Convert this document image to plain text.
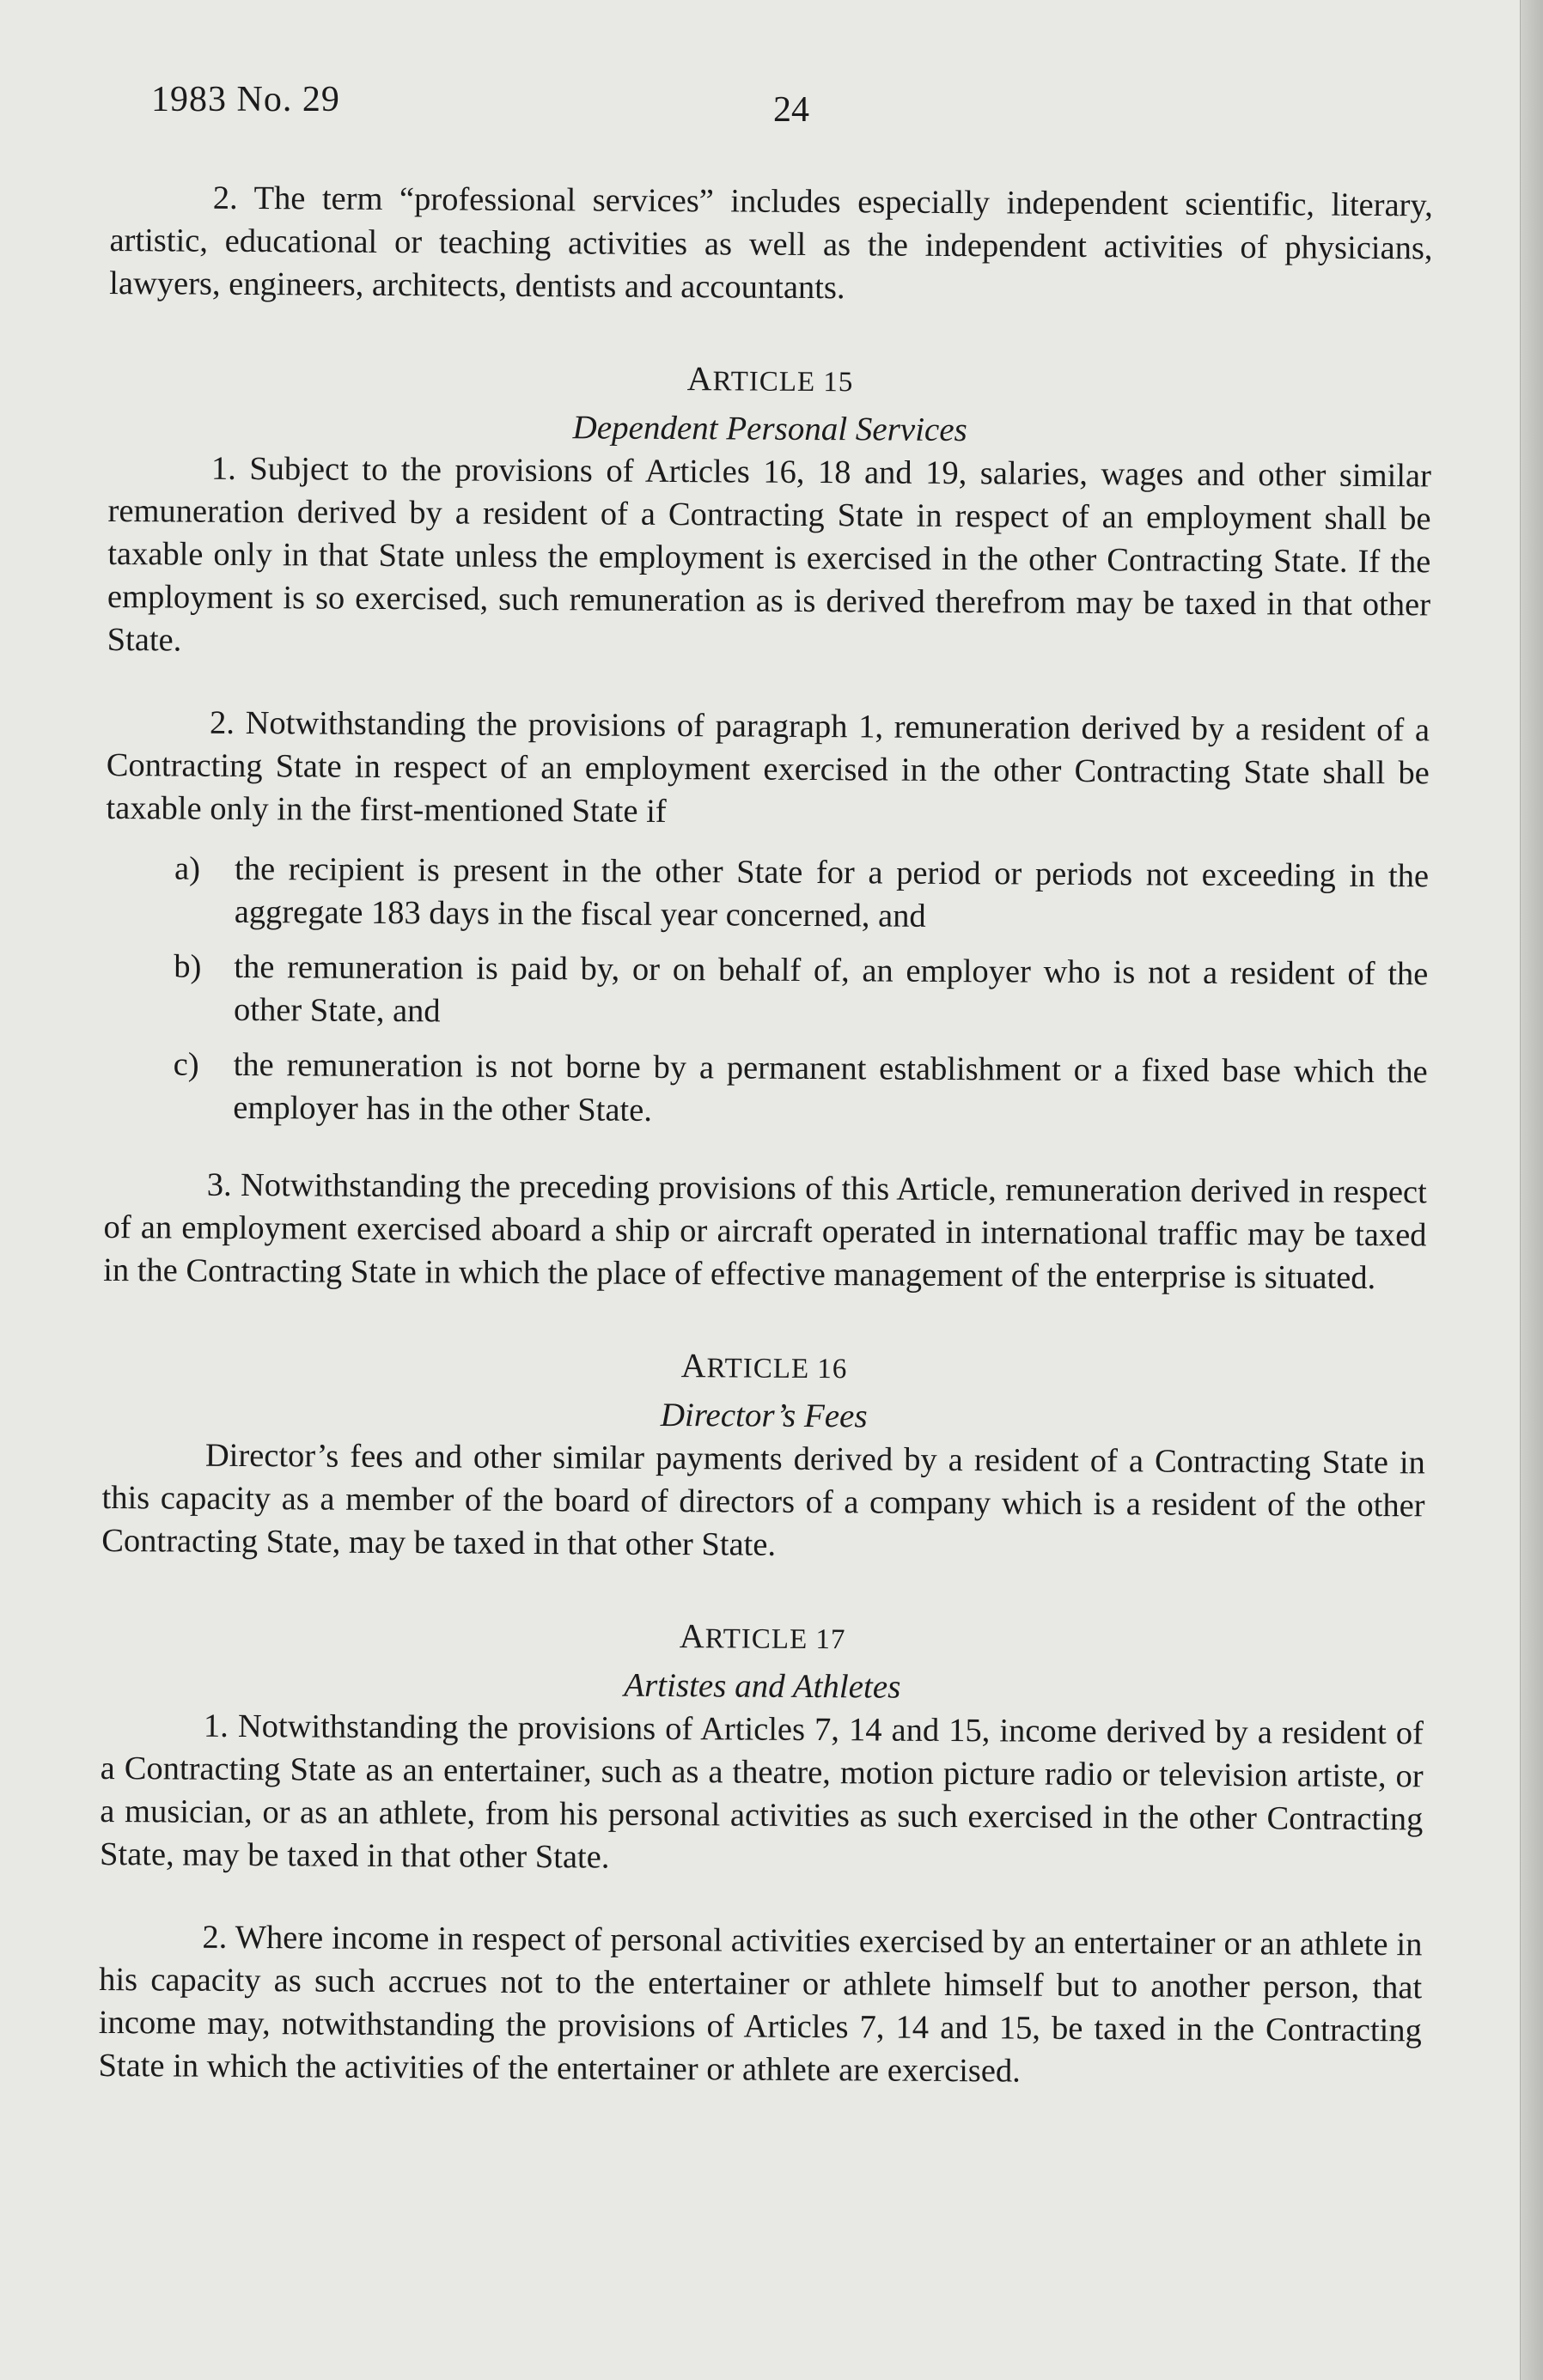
1983 No. 29	24

2. The term “professional services” includes especially independent scientific, literary, artistic, educational or teaching activities as well as the independent activities of physicians, lawyers, engineers, architects, dentists and accountants.

ARTICLE 15
Dependent Personal Services

1. Subject to the provisions of Articles 16, 18 and 19, salaries, wages and other similar remuneration derived by a resident of a Contracting State in respect of an employment shall be taxable only in that State unless the employment is exercised in the other Contracting State. If the employment is so exercised, such remuneration as is derived therefrom may be taxed in that other State.

2. Notwithstanding the provisions of paragraph 1, remuneration derived by a resident of a Contracting State in respect of an employment exercised in the other Contracting State shall be taxable only in the first-mentioned State if

a) the recipient is present in the other State for a period or periods not exceeding in the aggregate 183 days in the fiscal year concerned, and
b) the remuneration is paid by, or on behalf of, an employer who is not a resident of the other State, and
c) the remuneration is not borne by a permanent establishment or a fixed base which the employer has in the other State.

3. Notwithstanding the preceding provisions of this Article, remuneration derived in respect of an employment exercised aboard a ship or aircraft operated in international traffic may be taxed in the Contracting State in which the place of effective management of the enterprise is situated.

ARTICLE 16
Director’s Fees

Director’s fees and other similar payments derived by a resident of a Contracting State in this capacity as a member of the board of directors of a company which is a resident of the other Contracting State, may be taxed in that other State.

ARTICLE 17
Artistes and Athletes

1. Notwithstanding the provisions of Articles 7, 14 and 15, income derived by a resident of a Contracting State as an entertainer, such as a theatre, motion picture radio or television artiste, or a musician, or as an athlete, from his personal activities as such exercised in the other Contracting State, may be taxed in that other State.

2. Where income in respect of personal activities exercised by an entertainer or an athlete in his capacity as such accrues not to the entertainer or athlete himself but to another person, that income may, notwithstanding the provisions of Articles 7, 14 and 15, be taxed in the Contracting State in which the activities of the entertainer or athlete are exercised.
